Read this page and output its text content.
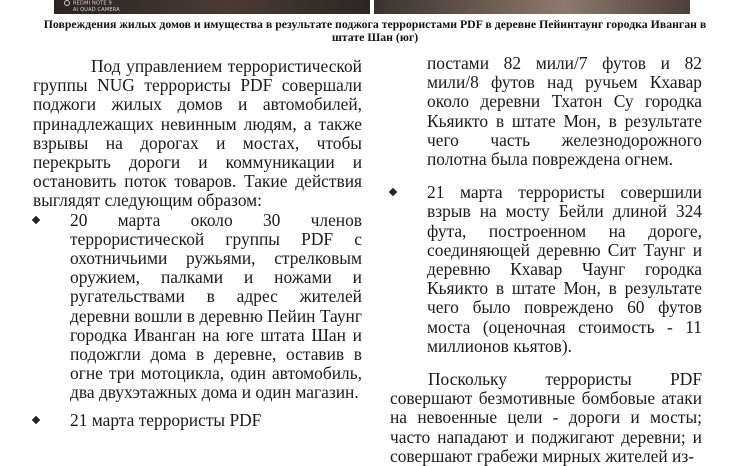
REDMI NOTE 9
AI QUAD CAMERA
Повреждения жилых домов и имущества в результате поджога террористами PDF в деревне Пейинтаунг городка Иванган в штате Шан (юг)

Под управлением террористической группы NUG террористы PDF совершали поджоги жилых домов и автомобилей, принадлежащих невинным людям, а также взрывы на дорогах и мостах, чтобы перекрыть дороги и коммуникации и остановить поток товаров. Такие действия выглядят следующим образом:

20 марта около 30 членов террористической группы PDF с охотничьими ружьями, стрелковым оружием, палками и ножами и ругательствами в адрес жителей деревни вошли в деревню Пейин Таунг городка Иванган на юге штата Шан и подожгли дома в деревне, оставив в огне три мотоцикла, один автомобиль, два двухэтажных дома и один магазин.
21 марта террористы PDF

постами 82 мили/7 футов и 82 мили/8 футов над ручьем Кхавар около деревни Тхатон Су городка Кьяикто в штате Мон, в результате чего часть железнодорожного полотна была повреждена огнем.

21 марта террористы совершили взрыв на мосту Бейли длиной 324 фута, построенном на дороге, соединяющей деревню Сит Таунг и деревню Кхавар Чаунг городка Кьяикто в штате Мон, в результате чего было повреждено 60 футов моста (оценочная стоимость - 11 миллионов кьятов).

Поскольку террористы PDF совершают безмотивные бомбовые атаки на невоенные цели - дороги и мосты; часто нападают и поджигают деревни; и совершают грабежи мирных жителей из-
